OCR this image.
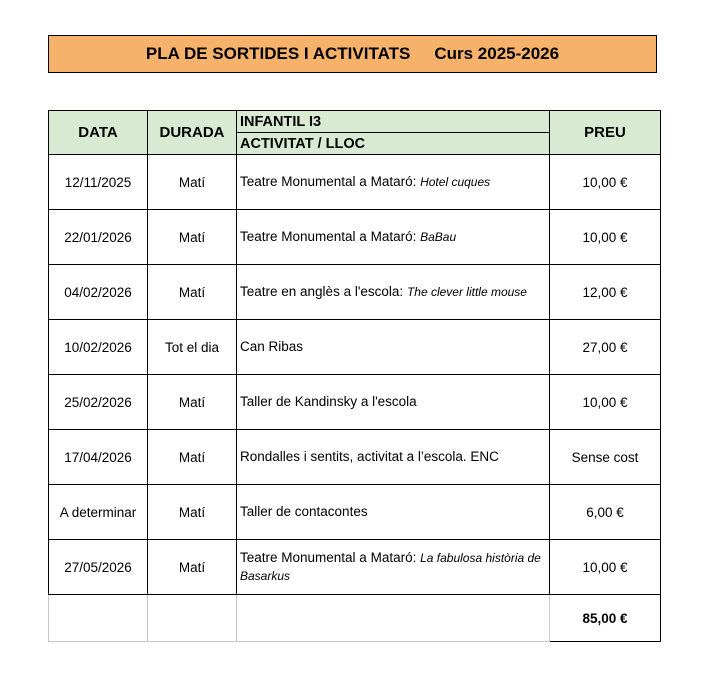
PLA DE SORTIDES I ACTIVITATS Curs 2025-2026
DATA	DURADA	INFANTIL I3	PREU
		ACTIVITAT / LLOC	
12/11/2025	Matí	Teatre Monumental a Mataró: Hotel cuques	10,00 €
22/01/2026	Matí	Teatre Monumental a Mataró: BaBau	10,00 €
04/02/2026	Matí	Teatre en anglès a l'escola: The clever little mouse	12,00 €
10/02/2026	Tot el dia	Can Ribas	27,00 €
25/02/2026	Matí	Taller de Kandinsky a l'escola	10,00 €
17/04/2026	Matí	Rondalles i sentits, activitat a l’escola. ENC	Sense cost
A determinar	Matí	Taller de contacontes	6,00 €
27/05/2026	Matí	Teatre Monumental a Mataró: La fabulosa història de Basarkus	10,00 €
			85,00 €
